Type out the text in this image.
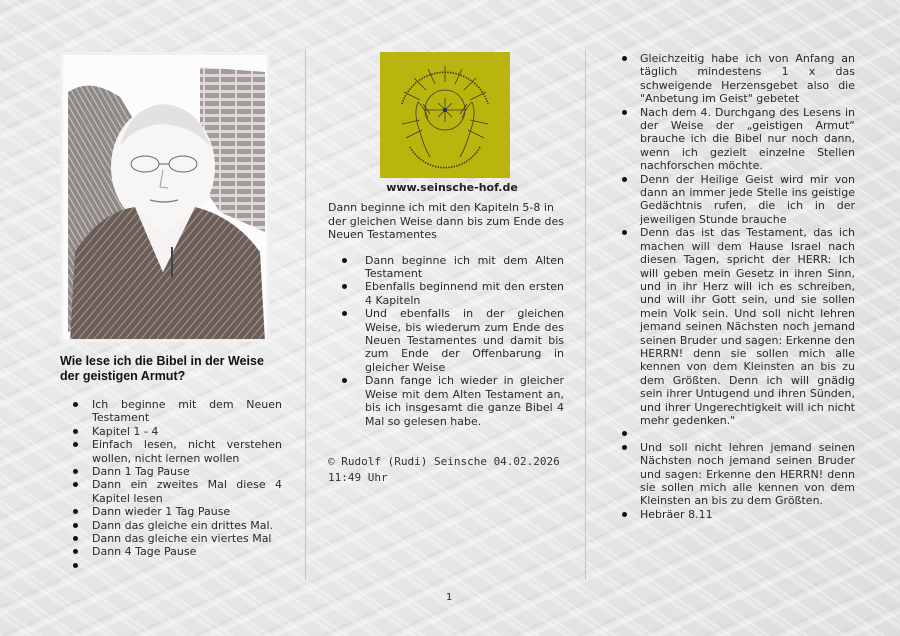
Wie lese ich die Bibel in der Weise der geistigen Armut?
Ich beginne mit dem Neuen Testament
Kapitel 1 - 4
Einfach lesen, nicht verstehen wollen, nicht lernen wollen
Dann 1 Tag Pause
Dann ein zweites Mal diese 4 Kapitel lesen
Dann wieder 1 Tag Pause
Dann das gleiche ein drittes Mal.
Dann das gleiche ein viertes Mal
Dann 4 Tage Pause
www.seinsche-hof.de

Dann beginne ich mit den Kapiteln 5-8 in der gleichen Weise dann bis zum Ende des Neuen Testamentes

Dann beginne ich mit dem Alten Testament
Ebenfalls beginnend mit den ersten 4 Kapiteln
Und ebenfalls in der gleichen Weise, bis wiederum zum Ende des Neuen Testamentes und damit bis zum Ende der Offenbarung in gleicher Weise
Dann fange ich wieder in gleicher Weise mit dem Alten Testament an, bis ich insgesamt die ganze Bibel 4 Mal so gelesen habe.
© Rudolf (Rudi) Seinsche 04.02.2026
11:49 Uhr
Gleichzeitig habe ich von Anfang an täglich mindestens 1 x das schweigende Herzensgebet also die "Anbetung im Geist" gebetet
Nach dem 4. Durchgang des Lesens in der Weise der „geistigen Armut“ brauche ich die Bibel nur noch dann, wenn ich gezielt einzelne Stellen nachforschen möchte.
Denn der Heilige Geist wird mir von dann an immer jede Stelle ins geistige Gedächtnis rufen, die ich in der jeweiligen Stunde brauche
Denn das ist das Testament, das ich machen will dem Hause Israel nach diesen Tagen, spricht der HERR: Ich will geben mein Gesetz in ihren Sinn, und in ihr Herz will ich es schreiben, und will ihr Gott sein, und sie sollen mein Volk sein. Und soll nicht lehren jemand seinen Nächsten noch jemand seinen Bruder und sagen: Erkenne den HERRN! denn sie sollen mich alle kennen von dem Kleinsten an bis zu dem Größten. Denn ich will gnädig sein ihrer Untugend und ihren Sünden, und ihrer Ungerechtigkeit will ich nicht mehr gedenken."
Und soll nicht lehren jemand seinen Nächsten noch jemand seinen Bruder und sagen: Erkenne den HERRN! denn sie sollen mich alle kennen von dem Kleinsten an bis zu dem Größten.
Hebräer 8.11
1
